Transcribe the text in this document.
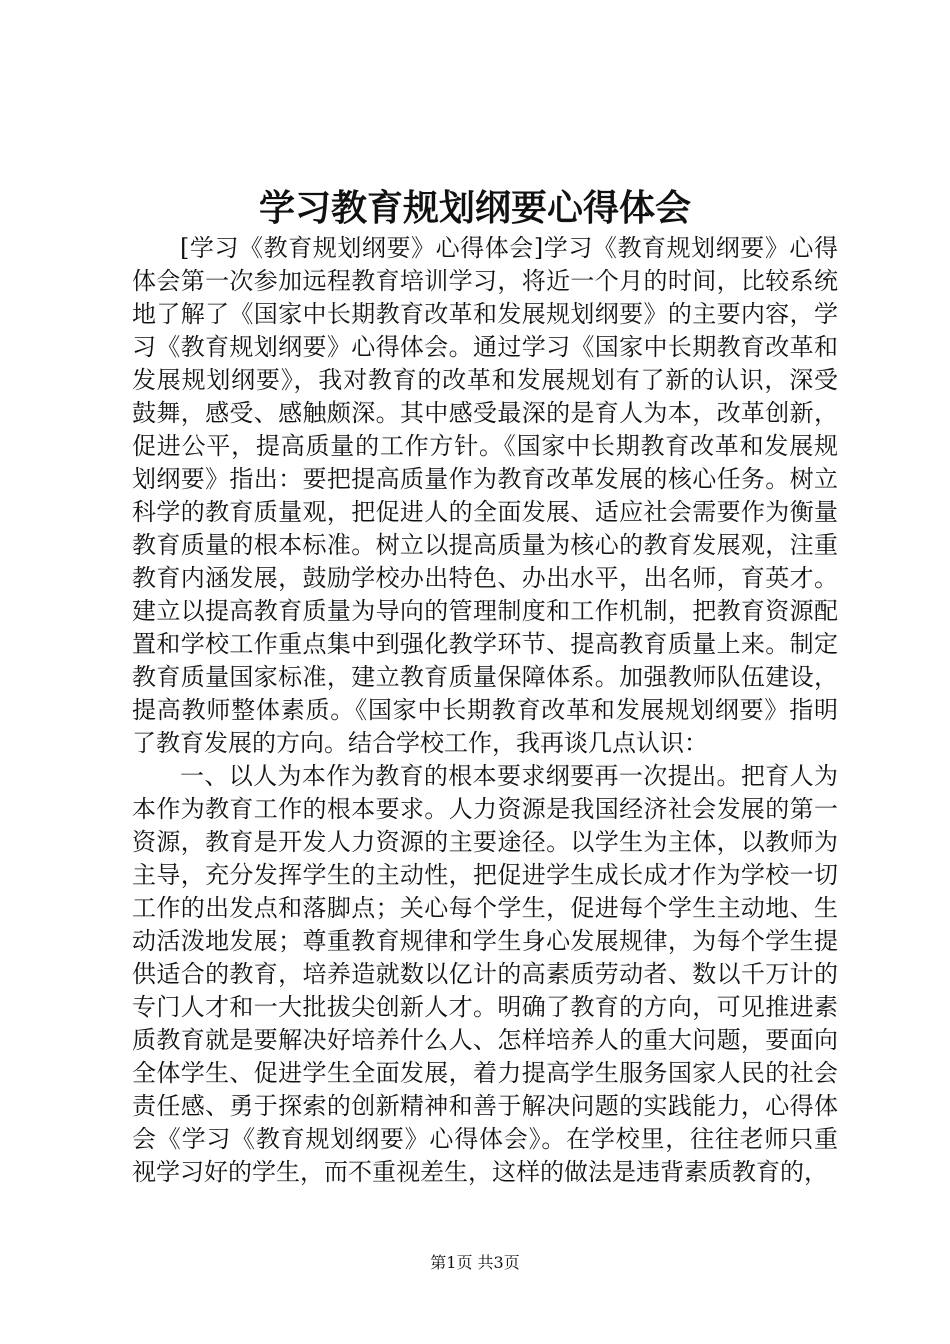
学习教育规划纲要心得体会

[学习《教育规划纲要》心得体会]学习《教育规划纲要》心得体会第一次参加远程教育培训学习，将近一个月的时间，比较系统地了解了《国家中长期教育改革和发展规划纲要》的主要内容，学习《教育规划纲要》心得体会。通过学习《国家中长期教育改革和发展规划纲要》，我对教育的改革和发展规划有了新的认识，深受鼓舞，感受、感触颇深。其中感受最深的是育人为本，改革创新，促进公平，提高质量的工作方针。《国家中长期教育改革和发展规划纲要》指出：要把提高质量作为教育改革发展的核心任务。树立科学的教育质量观，把促进人的全面发展、适应社会需要作为衡量教育质量的根本标准。树立以提高质量为核心的教育发展观，注重教育内涵发展，鼓励学校办出特色、办出水平，出名师，育英才。建立以提高教育质量为导向的管理制度和工作机制，把教育资源配置和学校工作重点集中到强化教学环节、提高教育质量上来。制定教育质量国家标准，建立教育质量保障体系。加强教师队伍建设，提高教师整体素质。《国家中长期教育改革和发展规划纲要》指明了教育发展的方向。结合学校工作，我再谈几点认识：

一、以人为本作为教育的根本要求纲要再一次提出。把育人为本作为教育工作的根本要求。人力资源是我国经济社会发展的第一资源，教育是开发人力资源的主要途径。以学生为主体，以教师为主导，充分发挥学生的主动性，把促进学生成长成才作为学校一切工作的出发点和落脚点；关心每个学生，促进每个学生主动地、生动活泼地发展；尊重教育规律和学生身心发展规律，为每个学生提供适合的教育，培养造就数以亿计的高素质劳动者、数以千万计的专门人才和一大批拔尖创新人才。明确了教育的方向，可见推进素质教育就是要解决好培养什么人、怎样培养人的重大问题，要面向全体学生、促进学生全面发展，着力提高学生服务国家人民的社会责任感、勇于探索的创新精神和善于解决问题的实践能力，心得体会《学习《教育规划纲要》心得体会》。在学校里，往往老师只重视学习好的学生，而不重视差生，这样的做法是违背素质教育的，

第1页 共3页
